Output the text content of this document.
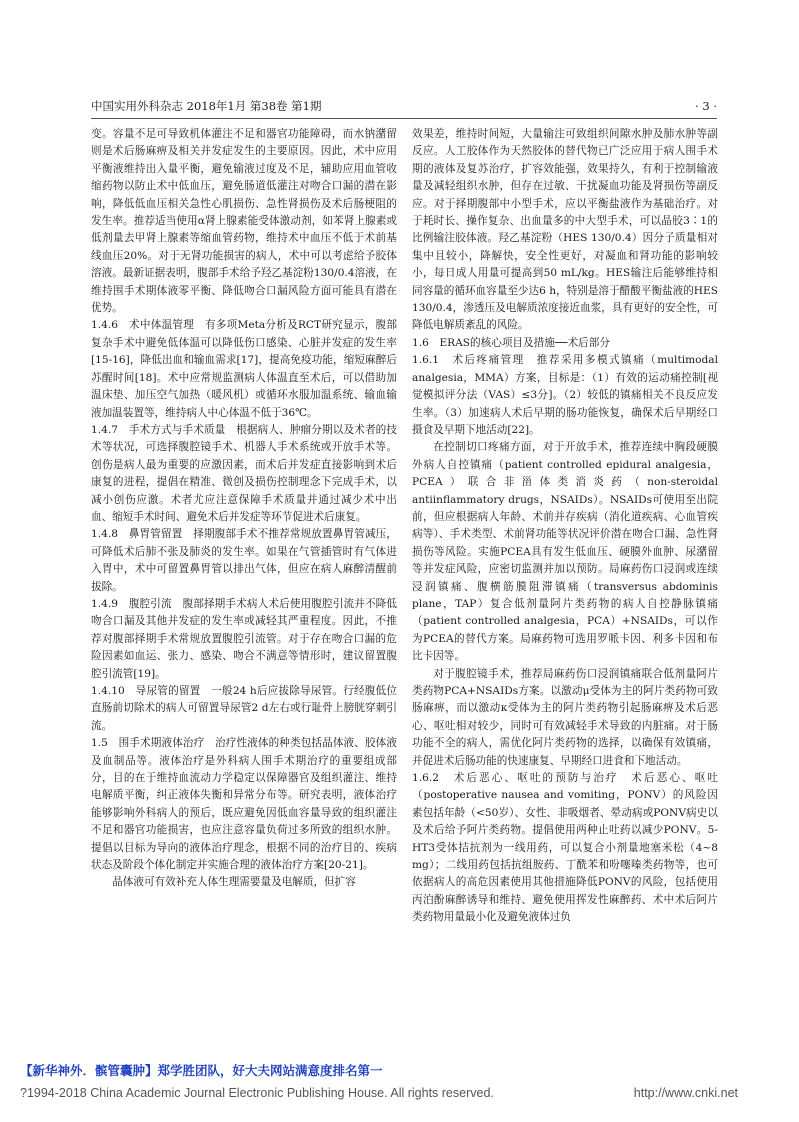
中国实用外科杂志 2018年1月 第38卷 第1期	· 3 ·

变。容量不足可导致机体灌注不足和器官功能障碍，而水钠潴留则是术后肠麻痹及相关并发症发生的主要原因。因此，术中应用平衡液维持出入量平衡，避免输液过度及不足，辅助应用血管收缩药物以防止术中低血压，避免肠道低灌注对吻合口漏的潜在影响，降低低血压相关急性心肌损伤、急性肾损伤及术后肠梗阻的发生率。推荐适当使用α肾上腺素能受体激动剂，如苯肾上腺素或低剂量去甲肾上腺素等缩血管药物，维持术中血压不低于术前基线血压20%。对于无肾功能损害的病人，术中可以考虑给予胶体溶液。最新证据表明，腹部手术给予羟乙基淀粉130/0.4溶液，在维持围手术期体液零平衡、降低吻合口漏风险方面可能具有潜在优势。

1.4.6　术中体温管理　有多项Meta分析及RCT研究显示，腹部复杂手术中避免低体温可以降低伤口感染、心脏并发症的发生率[15-16]，降低出血和输血需求[17]，提高免疫功能，缩短麻醉后苏醒时间[18]。术中应常规监测病人体温直至术后，可以借助加温床垫、加压空气加热（暖风机）或循环水服加温系统、输血输液加温装置等，维持病人中心体温不低于36℃。

1.4.7　手术方式与手术质量　根据病人、肿瘤分期以及术者的技术等状况，可选择腹腔镜手术、机器人手术系统或开放手术等。创伤是病人最为重要的应激因素，而术后并发症直接影响到术后康复的进程，提倡在精准、微创及损伤控制理念下完成手术，以减小创伤应激。术者尤应注意保障手术质量并通过减少术中出血、缩短手术时间、避免术后并发症等环节促进术后康复。

1.4.8　鼻胃管留置　择期腹部手术不推荐常规放置鼻胃管减压，可降低术后肺不张及肺炎的发生率。如果在气管插管时有气体进入胃中，术中可留置鼻胃管以排出气体，但应在病人麻醉清醒前拔除。

1.4.9　腹腔引流　腹部择期手术病人术后使用腹腔引流并不降低吻合口漏及其他并发症的发生率或减轻其严重程度。因此，不推荐对腹部择期手术常规放置腹腔引流管。对于存在吻合口漏的危险因素如血运、张力、感染、吻合不满意等情形时，建议留置腹腔引流管[19]。

1.4.10　导尿管的留置　一般24 h后应拔除导尿管。行经腹低位直肠前切除术的病人可留置导尿管2 d左右或行耻骨上膀胱穿刺引流。

1.5　围手术期液体治疗　治疗性液体的种类包括晶体液、胶体液及血制品等。液体治疗是外科病人围手术期治疗的重要组成部分，目的在于维持血流动力学稳定以保障器官及组织灌注、维持电解质平衡，纠正液体失衡和异常分布等。研究表明，液体治疗能够影响外科病人的预后，既应避免因低血容量导致的组织灌注不足和器官功能损害，也应注意容量负荷过多所致的组织水肿。提倡以目标为导向的液体治疗理念，根据不同的治疗目的、疾病状态及阶段个体化制定并实施合理的液体治疗方案[20-21]。

晶体液可有效补充人体生理需要量及电解质，但扩容

效果差，维持时间短，大量输注可致组织间隙水肿及肺水肿等副反应。人工胶体作为天然胶体的替代物已广泛应用于病人围手术期的液体及复苏治疗，扩容效能强，效果持久，有利于控制输液量及减轻组织水肿，但存在过敏、干扰凝血功能及肾损伤等副反应。对于择期腹部中小型手术，应以平衡盐液作为基础治疗。对于耗时长、操作复杂、出血量多的中大型手术，可以晶胶3∶1的比例输注胶体液。羟乙基淀粉（HES 130/0.4）因分子质量相对集中且较小，降解快，安全性更好，对凝血和肾功能的影响较小，每日成人用量可提高到50 mL/kg。HES输注后能够维持相同容量的循环血容量至少达6 h，特别是溶于醋酸平衡盐液的HES 130/0.4，渗透压及电解质浓度接近血浆，具有更好的安全性，可降低电解质紊乱的风险。

1.6　ERAS的核心项目及措施──术后部分

1.6.1　术后疼痛管理　推荐采用多模式镇痛（multimodal analgesia，MMA）方案，目标是：（1）有效的运动痛控制[视觉模拟评分法（VAS）≤3分]。（2）较低的镇痛相关不良反应发生率。（3）加速病人术后早期的肠功能恢复，确保术后早期经口摄食及早期下地活动[22]。

在控制切口疼痛方面，对于开放手术，推荐连续中胸段硬膜外病人自控镇痛（patient controlled epidural analgesia，PCEA）联合非甾体类消炎药（non-steroidal antiinflammatory drugs，NSAIDs）。NSAIDs可使用至出院前，但应根据病人年龄、术前并存疾病（消化道疾病、心血管疾病等）、手术类型、术前肾功能等状况评价潜在吻合口漏、急性肾损伤等风险。实施PCEA具有发生低血压、硬膜外血肿、尿潴留等并发症风险，应密切监测并加以预防。局麻药伤口浸润或连续浸润镇痛、腹横筋膜阻滞镇痛（transversus abdominis plane，TAP）复合低剂量阿片类药物的病人自控静脉镇痛（patient controlled analgesia，PCA）+NSAIDs，可以作为PCEA的替代方案。局麻药物可选用罗哌卡因、利多卡因和布比卡因等。

对于腹腔镜手术，推荐局麻药伤口浸润镇痛联合低剂量阿片类药物PCA+NSAIDs方案。以激动μ受体为主的阿片类药物可致肠麻痹，而以激动κ受体为主的阿片类药物引起肠麻痹及术后恶心、呕吐相对较少，同时可有效减轻手术导致的内脏痛。对于肠功能不全的病人，需优化阿片类药物的选择，以确保有效镇痛，并促进术后肠功能的快速康复、早期经口进食和下地活动。

1.6.2　术后恶心、呕吐的预防与治疗　术后恶心、呕吐（postoperative nausea and vomiting，PONV）的风险因素包括年龄（<50岁）、女性、非吸烟者、晕动病或PONV病史以及术后给予阿片类药物。提倡使用两种止吐药以减少PONV。5-HT3受体拮抗剂为一线用药，可以复合小剂量地塞米松（4~8 mg）；二线用药包括抗组胺药、丁酰苯和吩噻嗪类药物等，也可依据病人的高危因素使用其他措施降低PONV的风险，包括使用丙泊酚麻醉诱导和维持、避免使用挥发性麻醉药、术中术后阿片类药物用量最小化及避免液体过负

【新华神外．髌管囊肿】郑学胜团队，好大夫网站满意度排名第一
?1994-2018 China Academic Journal Electronic Publishing House. All rights reserved.	http://www.cnki.net
